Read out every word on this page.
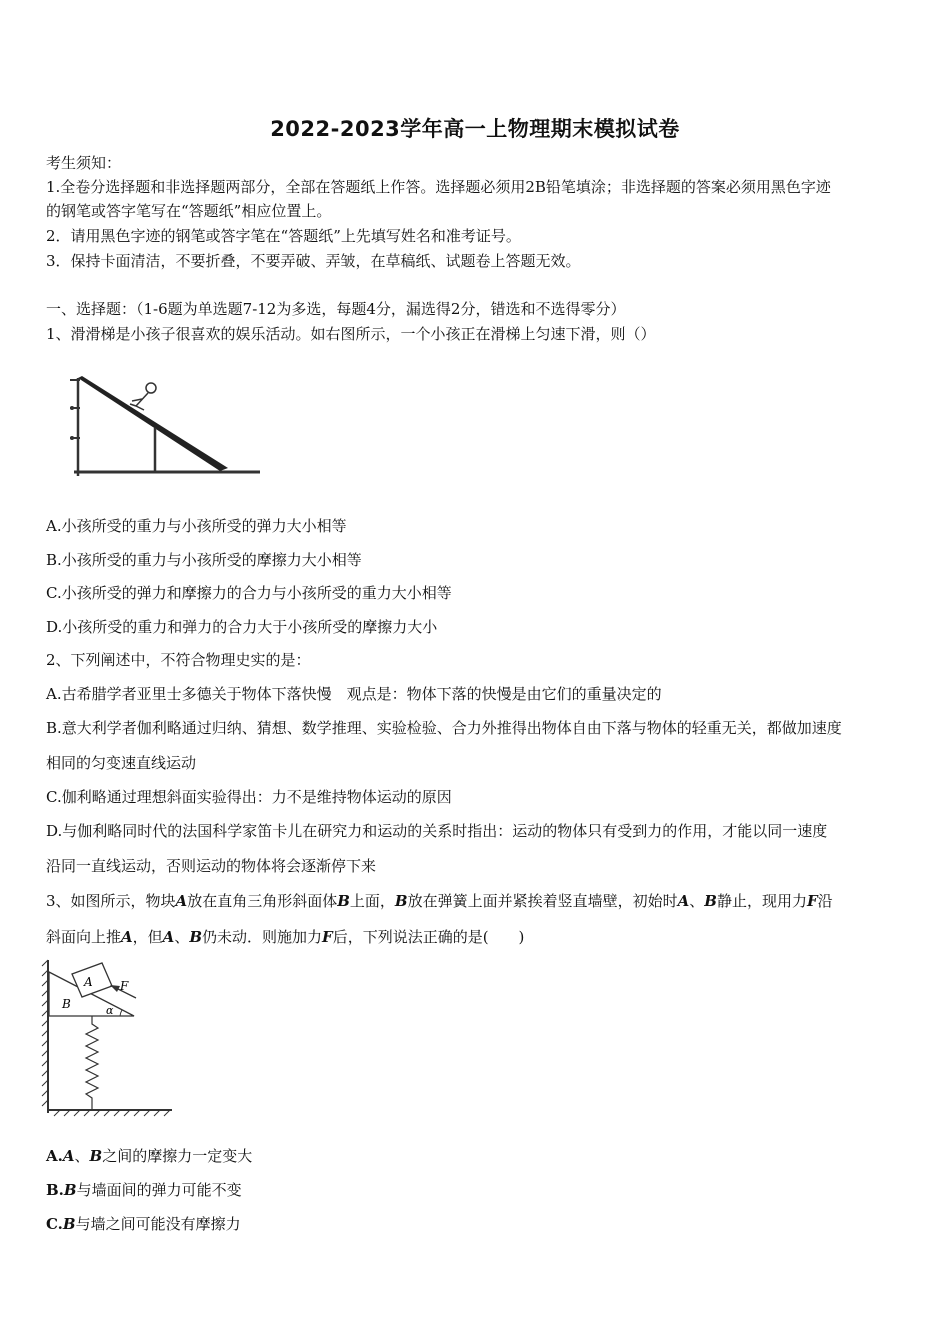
2022-2023学年高一上物理期末模拟试卷
考生须知：
1.全卷分选择题和非选择题两部分，全部在答题纸上作答。选择题必须用2B铅笔填涂；非选择题的答案必须用黑色字迹
的钢笔或答字笔写在“答题纸”相应位置上。
2．请用黑色字迹的钢笔或答字笔在“答题纸”上先填写姓名和准考证号。
3．保持卡面清洁，不要折叠，不要弄破、弄皱，在草稿纸、试题卷上答题无效。
一、选择题：（1-6题为单选题7-12为多选，每题4分，漏选得2分，错选和不选得零分）
1、滑滑梯是小孩子很喜欢的娱乐活动。如右图所示，一个小孩正在滑梯上匀速下滑，则（）
A.小孩所受的重力与小孩所受的弹力大小相等
B.小孩所受的重力与小孩所受的摩擦力大小相等
C.小孩所受的弹力和摩擦力的合力与小孩所受的重力大小相等
D.小孩所受的重力和弹力的合力大于小孩所受的摩擦力大小
2、下列阐述中，不符合物理史实的是：
A.古希腊学者亚里士多德关于物体下落快慢　观点是：物体下落的快慢是由它们的重量决定的
B.意大利学者伽利略通过归纳、猜想、数学推理、实验检验、合力外推得出物体自由下落与物体的轻重无关，都做加速度
相同的匀变速直线运动
C.伽利略通过理想斜面实验得出：力不是维持物体运动的原因
D.与伽利略同时代的法国科学家笛卡儿在研究力和运动的关系时指出：运动的物体只有受到力的作用，才能以同一速度
沿同一直线运动，否则运动的物体将会逐渐停下来
3、如图所示，物块A放在直角三角形斜面体B上面，B放在弹簧上面并紧挨着竖直墙壁，初始时A、B静止，现用力F沿
斜面向上推A，但A、B仍未动．则施加力F后，下列说法正确的是(　　)
A
B
F
α
A.A、B之间的摩擦力一定变大
B.B与墙面间的弹力可能不变
C.B与墙之间可能没有摩擦力
